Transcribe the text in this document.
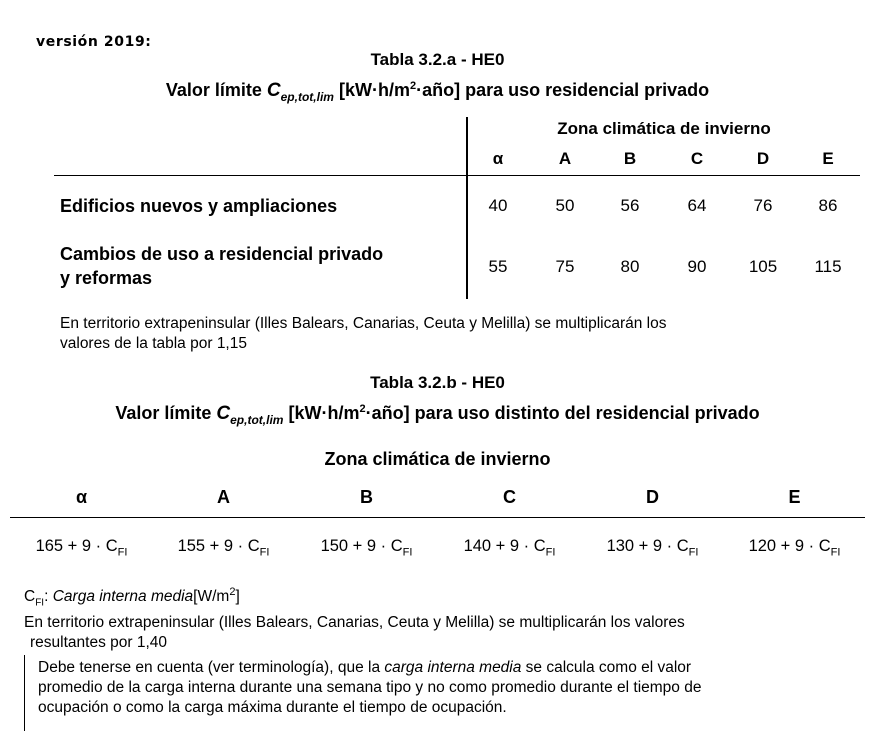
versión 2019:
Tabla 3.2.a - HE0
Valor límite $C_{ep,tot,lim}$ $[kW\cdot h/m^2\cdot año]$ para uso residencial privado
Zona climática de invierno
α	A	B	C	D	E
Edificios nuevos y ampliaciones	40	50	56	64	76	86
Cambios de uso a residencial privado
y reformas
55	75	80	90	105	115
En territorio extrapeninsular (Illes Balears, Canarias, Ceuta y Melilla) se multiplicarán los
valores de la tabla por 1,15
Tabla 3.2.b - HE0
Valor límite $C_{ep,tot,lim}$ $[kW\cdot h/m^2\cdot año]$ para uso distinto del residencial privado
Zona climática de invierno
α	A	B	C	D	E
$165 + 9 \cdot C_{FI}$	$155 + 9 \cdot C_{FI}$	$150 + 9 \cdot C_{FI}$	$140 + 9 \cdot C_{FI}$	$130 + 9 \cdot C_{FI}$	$120 + 9 \cdot C_{FI}$
$C_{FI}$: Carga interna $media[W/m^2]$
En territorio extrapeninsular (Illes Balears, Canarias, Ceuta y Melilla) se multiplicarán los valores
resultantes por 1,40
Debe tenerse en cuenta (ver terminología), que la carga interna media se calcula como el valor
promedio de la carga interna durante una semana tipo y no como promedio durante el tiempo de
ocupación o como la carga máxima durante el tiempo de ocupación.
